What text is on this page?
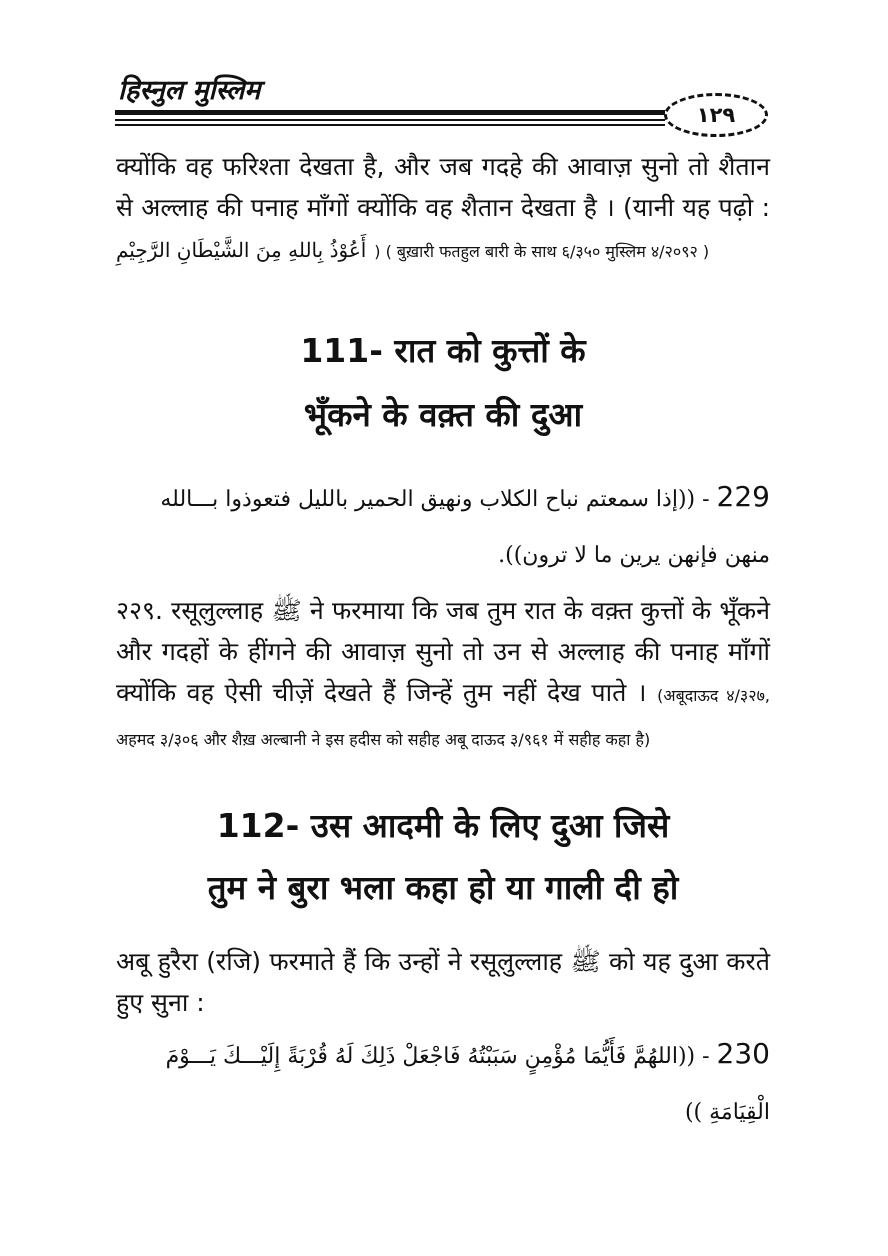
हिस्नुल मुस्लिम
١٢٩
क्योंकि वह फरिश्ता देखता है, और जब गदहे की आवाज़ सुनो तो शैतान से अल्लाह की पनाह माँगों क्योंकि वह शैतान देखता है । (यानी यह पढ़ो : أَعُوْذُ بِاللهِ مِنَ الشَّيْطَانِ الرَّجِيْمِ ) ( बुख़ारी फतहुल बारी के साथ ६/३५० मुस्लिम ४/२०९२ )
111- रात को कुत्तों के
भूँकने के वक़्त की दुआ
229 - ((إذا سمعتم نباح الكلاب ونهيق الحمير بالليل فتعوذوا بـــالله منهن فإنهن يرين ما لا ترون)).
२२९. रसूलुल्लाह ﷺ ने फरमाया कि जब तुम रात के वक़्त कुत्तों के भूँकने और गदहों के हींगने की आवाज़ सुनो तो उन से अल्लाह की पनाह माँगों क्योंकि वह ऐसी चीज़ें देखते हैं जिन्हें तुम नहीं देख पाते । (अबूदाऊद ४/३२७, अहमद ३/३०६ और शैख़ अल्बानी ने इस हदीस को सहीह अबू दाऊद ३/९६१ में सहीह कहा है)
112- उस आदमी के लिए दुआ जिसे
तुम ने बुरा भला कहा हो या गाली दी हो
अबू हुरैरा (रजि) फरमाते हैं कि उन्हों ने रसूलुल्लाह ﷺ को यह दुआ करते हुए सुना :
230 - ((اللهُمَّ فَأَيُّمَا مُؤْمِنٍ سَبَبْتُهُ فَاجْعَلْ ذَلِكَ لَهُ قُرْبَةً إِلَيْـــكَ يَـــوْمَ الْقِيَامَةِ ))
